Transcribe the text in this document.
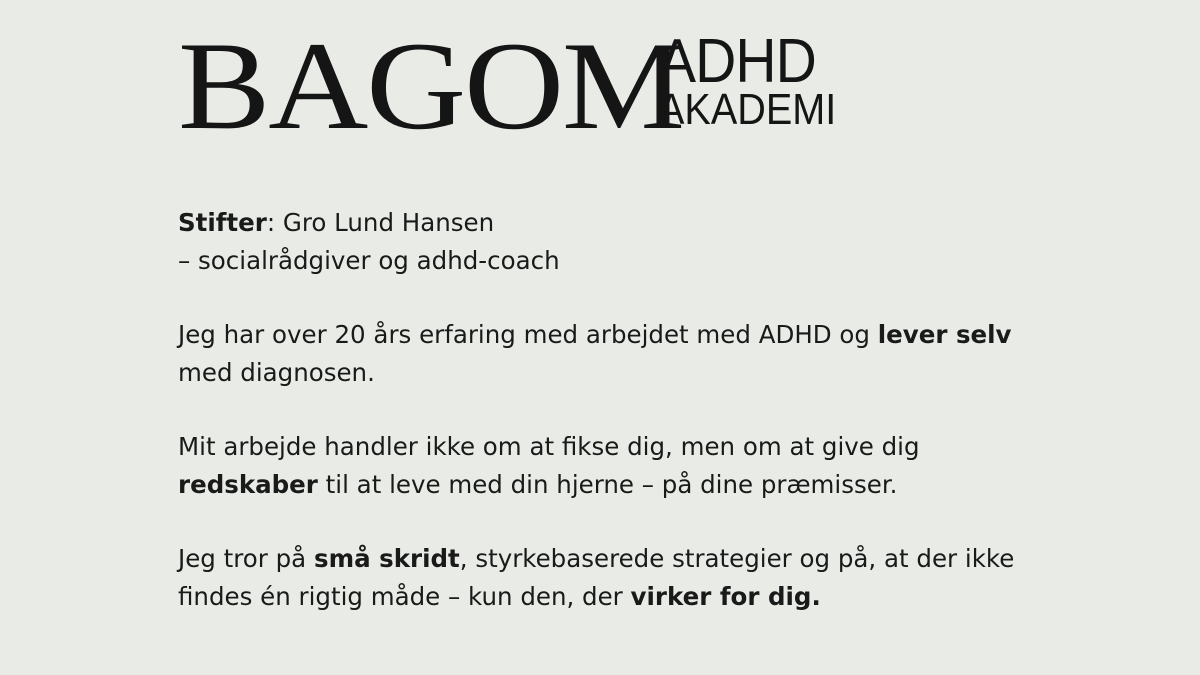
BAGOM
ADHD
AKADEMI

Stifter: Gro Lund Hansen
– socialrådgiver og adhd-coach

Jeg har over 20 års erfaring med arbejdet med ADHD og lever selv
med diagnosen.

Mit arbejde handler ikke om at fikse dig, men om at give dig
redskaber til at leve med din hjerne – på dine præmisser.

Jeg tror på små skridt, styrkebaserede strategier og på, at der ikke
findes én rigtig måde – kun den, der virker for dig.
